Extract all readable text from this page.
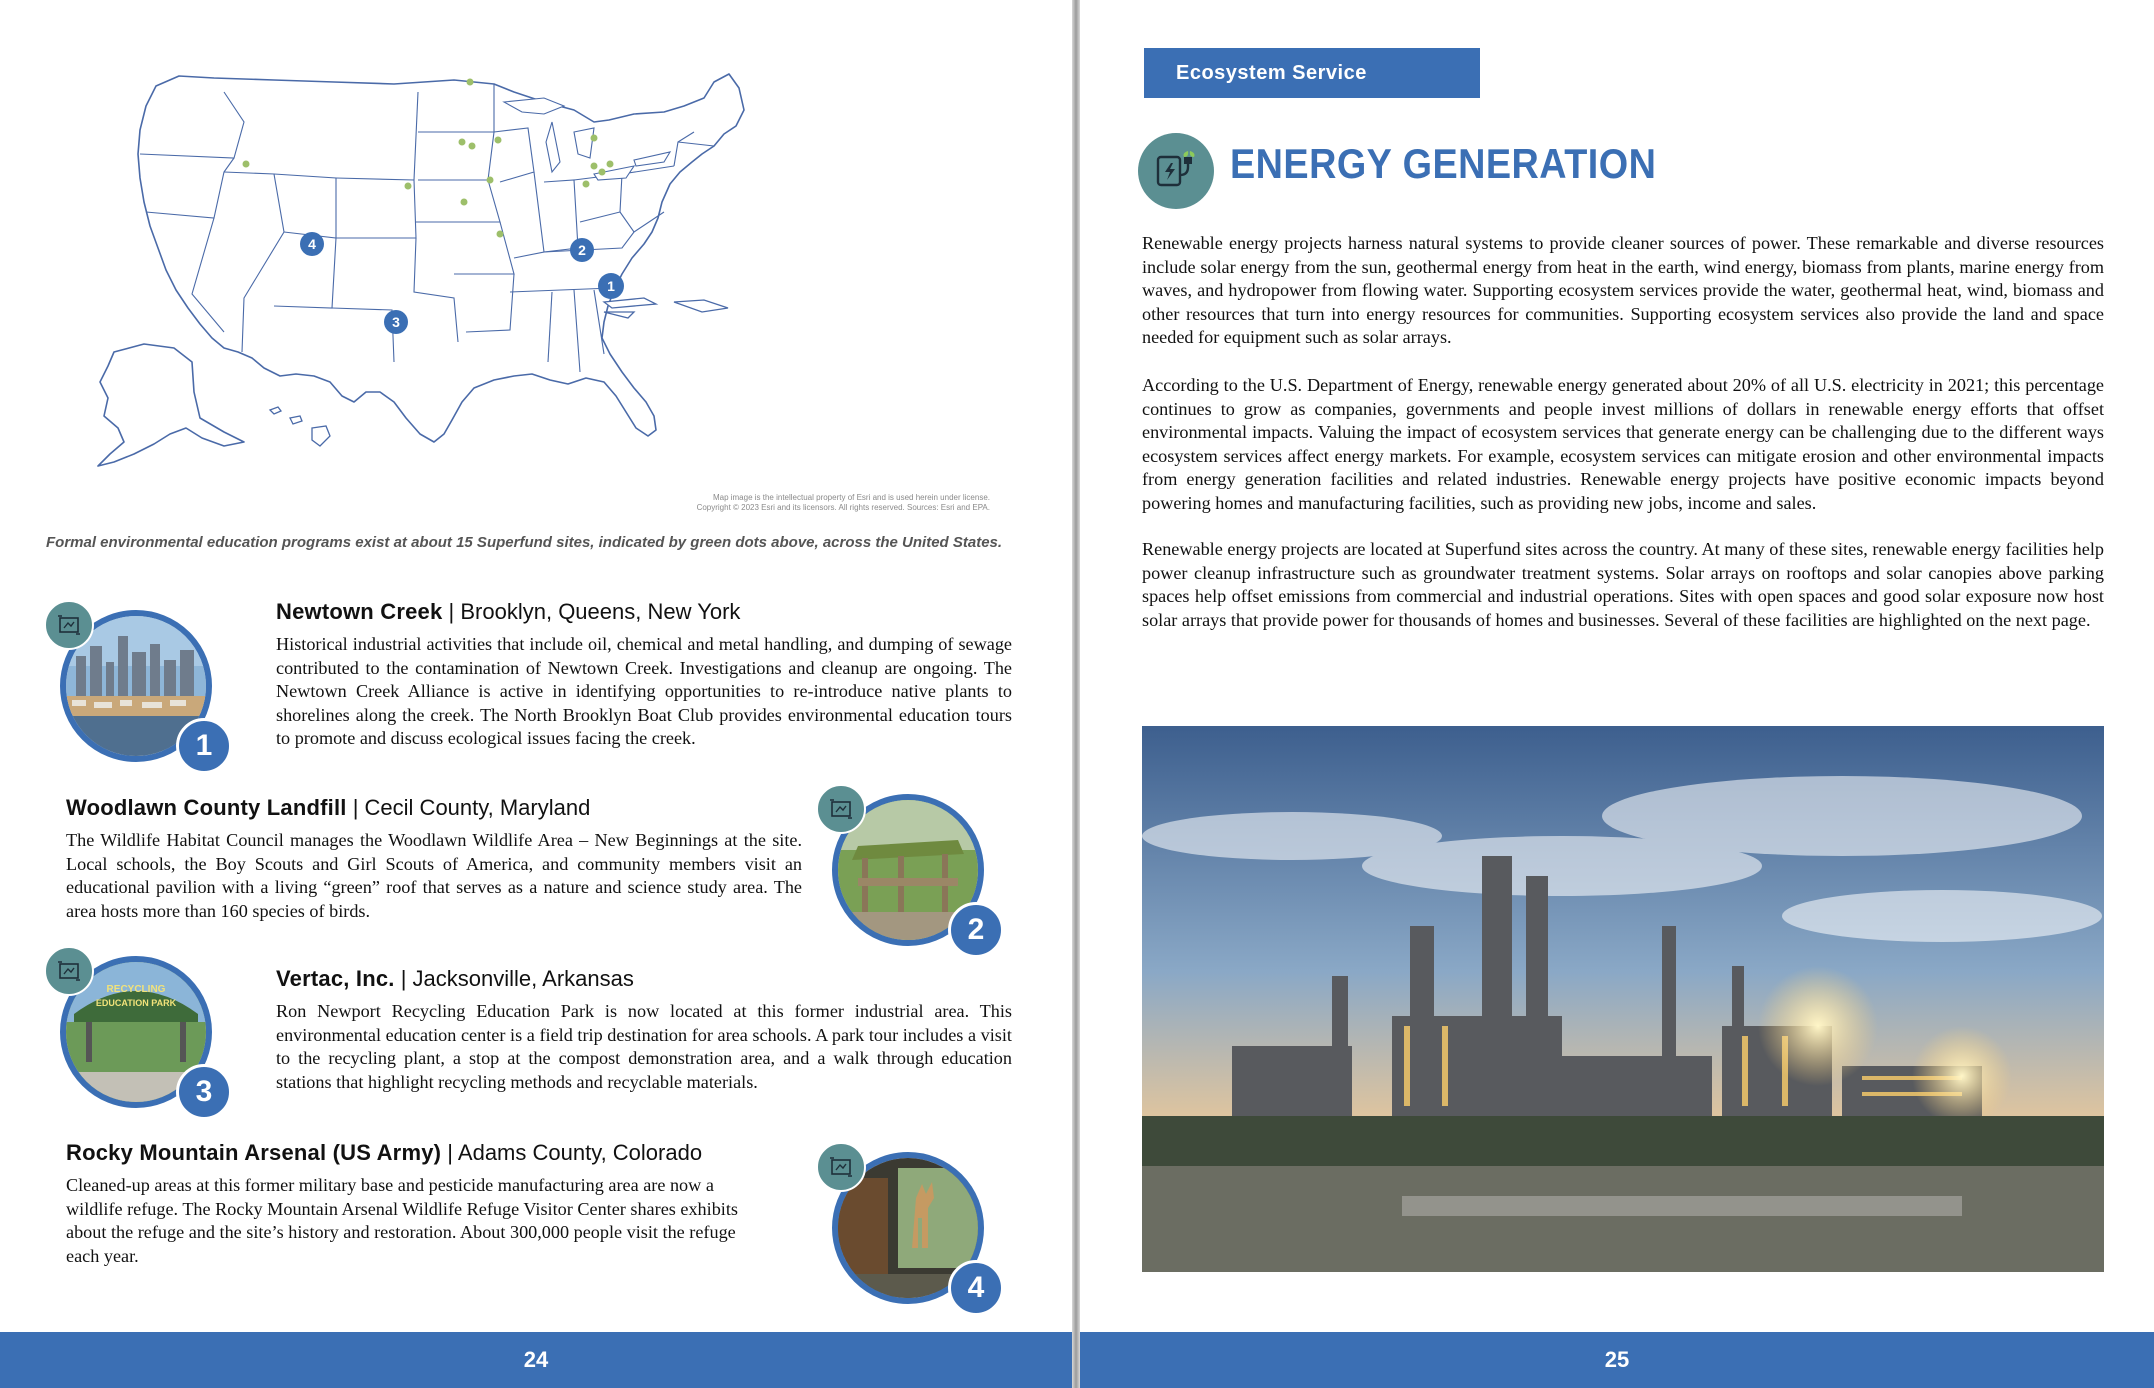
1
2
3
4
Map image is the intellectual property of Esri and is used herein under license.
Copyright © 2023 Esri and its licensors. All rights reserved. Sources: Esri and EPA.
Formal environmental education programs exist at about 15 Superfund sites, indicated by green dots above, across the United States.
1
Newtown Creek | Brooklyn, Queens, New York

Historical industrial activities that include oil, chemical and metal handling, and dumping of sewage contributed to the contamination of Newtown Creek. Investigations and cleanup are ongoing. The Newtown Creek Alliance is active in identifying opportunities to re-introduce native plants to shorelines along the creek. The North Brooklyn Boat Club provides environmental education tours to promote and discuss ecological issues facing the creek.

Woodlawn County Landfill | Cecil County, Maryland

The Wildlife Habitat Council manages the Woodlawn Wildlife Area – New Beginnings at the site. Local schools, the Boy Scouts and Girl Scouts of America, and community members visit an educational pavilion with a living “green” roof that serves as a nature and science study area. The area hosts more than 160 species of birds.

2
RECYCLING
EDUCATION PARK
3
Vertac, Inc. | Jacksonville, Arkansas

Ron Newport Recycling Education Park is now located at this former industrial area. This environmental education center is a field trip destination for area schools. A park tour includes a visit to the recycling plant, a stop at the compost demonstration area, and a walk through education stations that highlight recycling methods and recyclable materials.

Rocky Mountain Arsenal (US Army) | Adams County, Colorado

Cleaned-up areas at this former military base and pesticide manufacturing area are now a wildlife refuge. The Rocky Mountain Arsenal Wildlife Refuge Visitor Center shares exhibits about the refuge and the site’s history and restoration. About 300,000 people visit the refuge each year.

4
Ecosystem Service
ENERGY GENERATION

Renewable energy projects harness natural systems to provide cleaner sources of power. These remarkable and diverse resources include solar energy from the sun, geothermal energy from heat in the earth, wind energy, biomass from plants, marine energy from waves, and hydropower from flowing water. Supporting ecosystem services provide the water, geothermal heat, wind, biomass and other resources that turn into energy resources for communities. Supporting ecosystem services also provide the land and space needed for equipment such as solar arrays.

According to the U.S. Department of Energy, renewable energy generated about 20% of all U.S. electricity in 2021; this percentage continues to grow as companies, governments and people invest millions of dollars in renewable energy efforts that offset environmental impacts. Valuing the impact of ecosystem services that generate energy can be challenging due to the different ways ecosystem services affect energy markets. For example, ecosystem services can mitigate erosion and other environmental impacts from energy generation facilities and related industries. Renewable energy projects have positive economic impacts beyond powering homes and manufacturing facilities, such as providing new jobs, income and sales.

Renewable energy projects are located at Superfund sites across the country. At many of these sites, renewable energy facilities help power cleanup infrastructure such as groundwater treatment systems. Solar arrays on rooftops and solar canopies above parking spaces help offset emissions from commercial and industrial operations. Sites with open spaces and good solar exposure now host solar arrays that provide power for thousands of homes and businesses. Several of these facilities are highlighted on the next page.

24	25
